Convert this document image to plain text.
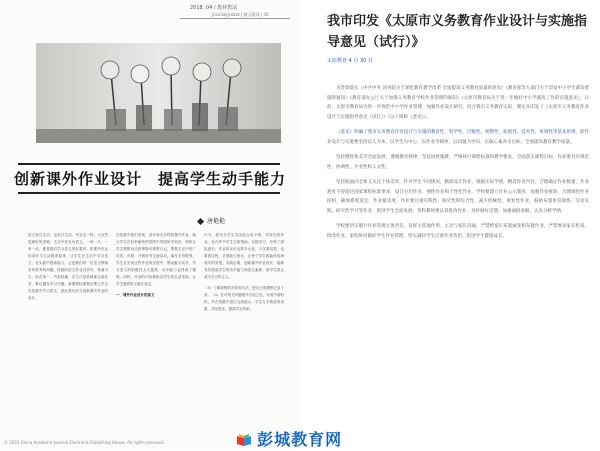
2018. 04 / 教材教法
jcsscxkjjsxbzz | 散文精读 | 45
创新课外作业设计　提高学生动手能力
唐艳艳

语文来自生活，也来自生活，作业也一样。大自然是最好的老师，生活中处处有语文，一草一木，一举一动，都是我们学习语文的好素材。把课外作业的设计与生活联系起来，让学生在生活中学习语文，在实践中提高能力，这是我们每一位语文教师应该思考的问题。传统的语文作业以抄写、背诵为主，形式单一，内容枯燥，学生只是机械地完成任务，难以激发学习兴趣。新课程标准提出要让学生在实践中学习语文，因此我们应当创新课外作业的设计。

在实践中我们发现，设计形式多样的课外作业，能让学生在轻松愉快的氛围中巩固所学知识。例如让学生观察身边的事物写观察日记，搜集生活中的广告语、对联，开展读书交流活动，编写手抄报等。学生在完成这些作业的过程中，既动脑又动手，学习语文的积极性大大提高，动手能力也得到了锻炼。同时，作业的内容要贴近学生的生活实际，让学生感到语文就在身边。

一、课外作业设计的意义

行为，我充分学生自由组合成小组，共同完成作业。在合作中学生互相帮助、互相学习，培养了团队意识。作业的评价也要多元化，不仅看结果，也要看过程，多鼓励少批评，让每个学生都能体验到成功的喜悦。实践证明，创新课外作业设计，能够有效提高学生的动手能力和语文素养，使学生真正成为学习的主人。

（3）了解视察的对象和方法，把自己的观察记录下来。（4）在对相关问题展开讨论之后，写成书面材料，并在班级中进行交流展示，学生分享彼此的成果，共同进步，提高学习效率。

© 2021 China Academic Journal Electronic Publishing House. All rights reserved.
我市印发《太原市义务教育作业设计与实施指导意见（试行）》
太原教育 4 月 30 日

为贯彻落实《中共中央 国务院关于深化教育教学改革 全面提高义务教育质量的意见》《教育部等九部门关于印发中小学生减负措施的通知》《教育部办公厅关于加强义务教育学校作业管理的通知》《太原市教育局关于进一步做好中小学减负工作的实施意见》，日前，太原市教育局为进一步规范中小学作业管理，加强作业设计研究，结合我市义务教育实际，制定并印发了《太原市义务教育作业设计与实施指导意见（试行）》（以下简称《意见》）。

《意见》明确了我市义务教育作业设计与实施的教育性、科学性、层级性、统整性、拓展性、技术性、协调性等基本原则，即作业设计与实施要坚持以人为本，以学生为中心，以作业为载体，以问题为导向，以核心素养为目标，全面提高教育教学质量。

坚持德智体美劳全面发展，遵循教育规律，坚持因材施教，严格执行课程标准和教学要求，全面落实课程目标，作业要具有规范性、协调性、专业性和人文性。

坚持既面向全体又关注个体差异，针对学生不同情况，精准设计作业，根据实际学情，精选作业内容，合理确定作业数量，作业难度不得超过国家课程标准要求，设计分层作业、弹性作业和个性化作业。学校要建立作业公示制度，加强作业统筹，合理调控作业结构，确保难度适宜，作业量适度。作业要注重实践性、探究性和综合性，减少机械性、重复性作业，鼓励布置体育锻炼、劳动实践、研究性学习等作业，促进学生全面发展，各科教师要认真批改作业，及时做好反馈，加强面批讲解，认真分析学情。

学校要切实履行作业管理主体责任，发挥主阵地作用，主动与家长沟通，严禁给家长布置或变相布置作业，严禁要求家长检查、批改作业，家校协同做好学生作业管理，切实减轻学生过重作业负担，促进学生健康成长。

彭城教育网
